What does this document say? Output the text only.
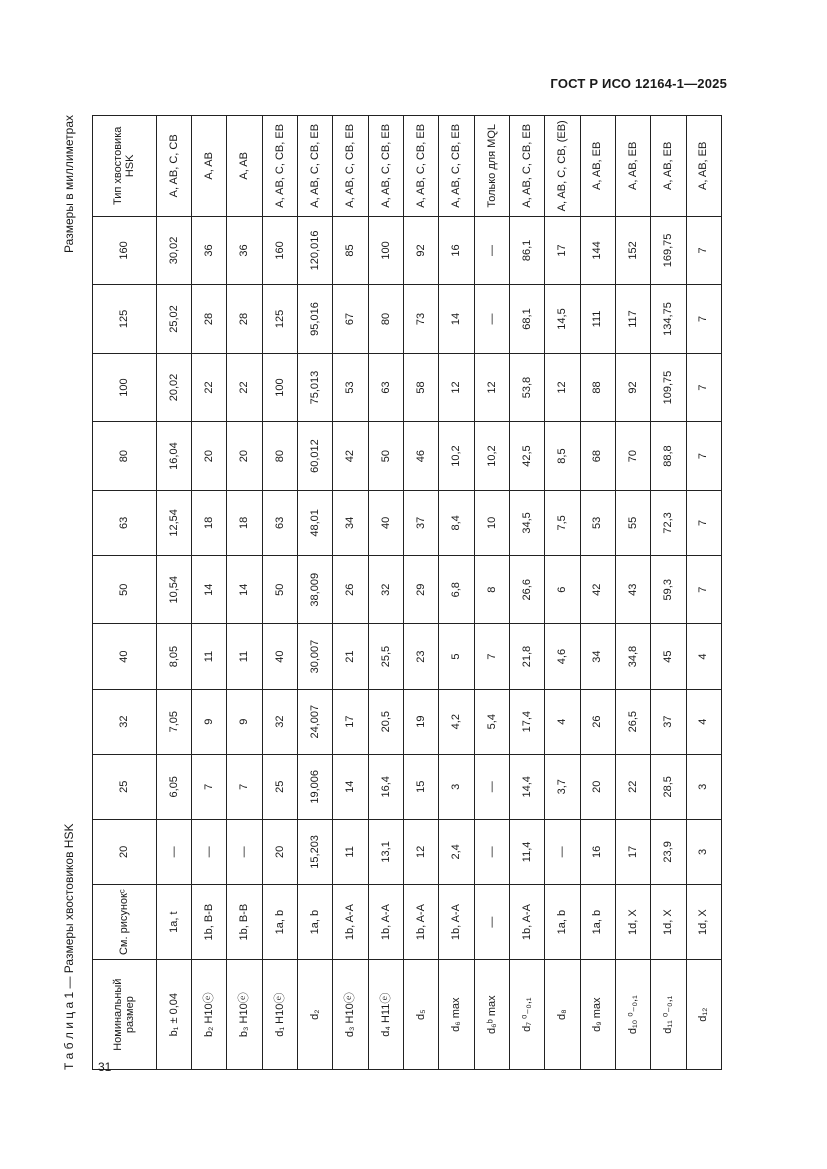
ГОСТ Р ИСО 12164-1—2025
Т а б л и ц а 1 — Размеры хвостовиков HSK
Размеры в миллиметрах
Номинальный размер	См. рисунокᶜ	20	25	32	40	50	63	80	100	125	160	Тип хвостовика HSK
b₁ ± 0,04	1a, t	—	6,05	7,05	8,05	10,54	12,54	16,04	20,02	25,02	30,02	A, AB, C, CB
b₂ H10ⓔ	1b, B-B	—	7	9	11	14	18	20	22	28	36	A, AB
b₃ H10ⓔ	1b, B-B	—	7	9	11	14	18	20	22	28	36	A, AB
d₁ H10ⓔ	1a, b	20	25	32	40	50	63	80	100	125	160	A, AB, C, CB, EB
d₂	1a, b	15,203	19,006	24,007	30,007	38,009	48,01	60,012	75,013	95,016	120,016	A, AB, C, CB, EB
d₃ H10ⓔ	1b, A-A	11	14	17	21	26	34	42	53	67	85	A, AB, C, CB, EB
d₄ H11ⓔ	1b, A-A	13,1	16,4	20,5	25,5	32	40	50	63	80	100	A, AB, C, CB, EB
d₅	1b, A-A	12	15	19	23	29	37	46	58	73	92	A, AB, C, CB, EB
d₆ max	1b, A-A	2,4	3	4,2	5	6,8	8,4	10,2	12	14	16	A, AB, C, CB, EB
d₆ᵇ max	—	—	—	5,4	7	8	10	10,2	12	—	—	Только для MQL
d₇ ⁰₋₀,₁	1b, A-A	11,4	14,4	17,4	21,8	26,6	34,5	42,5	53,8	68,1	86,1	A, AB, C, CB, EB
d₈	1a, b	—	3,7	4	4,6	6	7,5	8,5	12	14,5	17	A, AB, C, CB, (EB)
d₉ max	1a, b	16	20	26	34	42	53	68	88	111	144	A, AB, EB
d₁₀ ⁰₋₀,₁	1d, X	17	22	26,5	34,8	43	55	70	92	117	152	A, AB, EB
d₁₁ ⁰₋₀,₁	1d, X	23,9	28,5	37	45	59,3	72,3	88,8	109,75	134,75	169,75	A, AB, EB
d₁₂	1d, X	3	3	4	4	7	7	7	7	7	7	A, AB, EB
31
